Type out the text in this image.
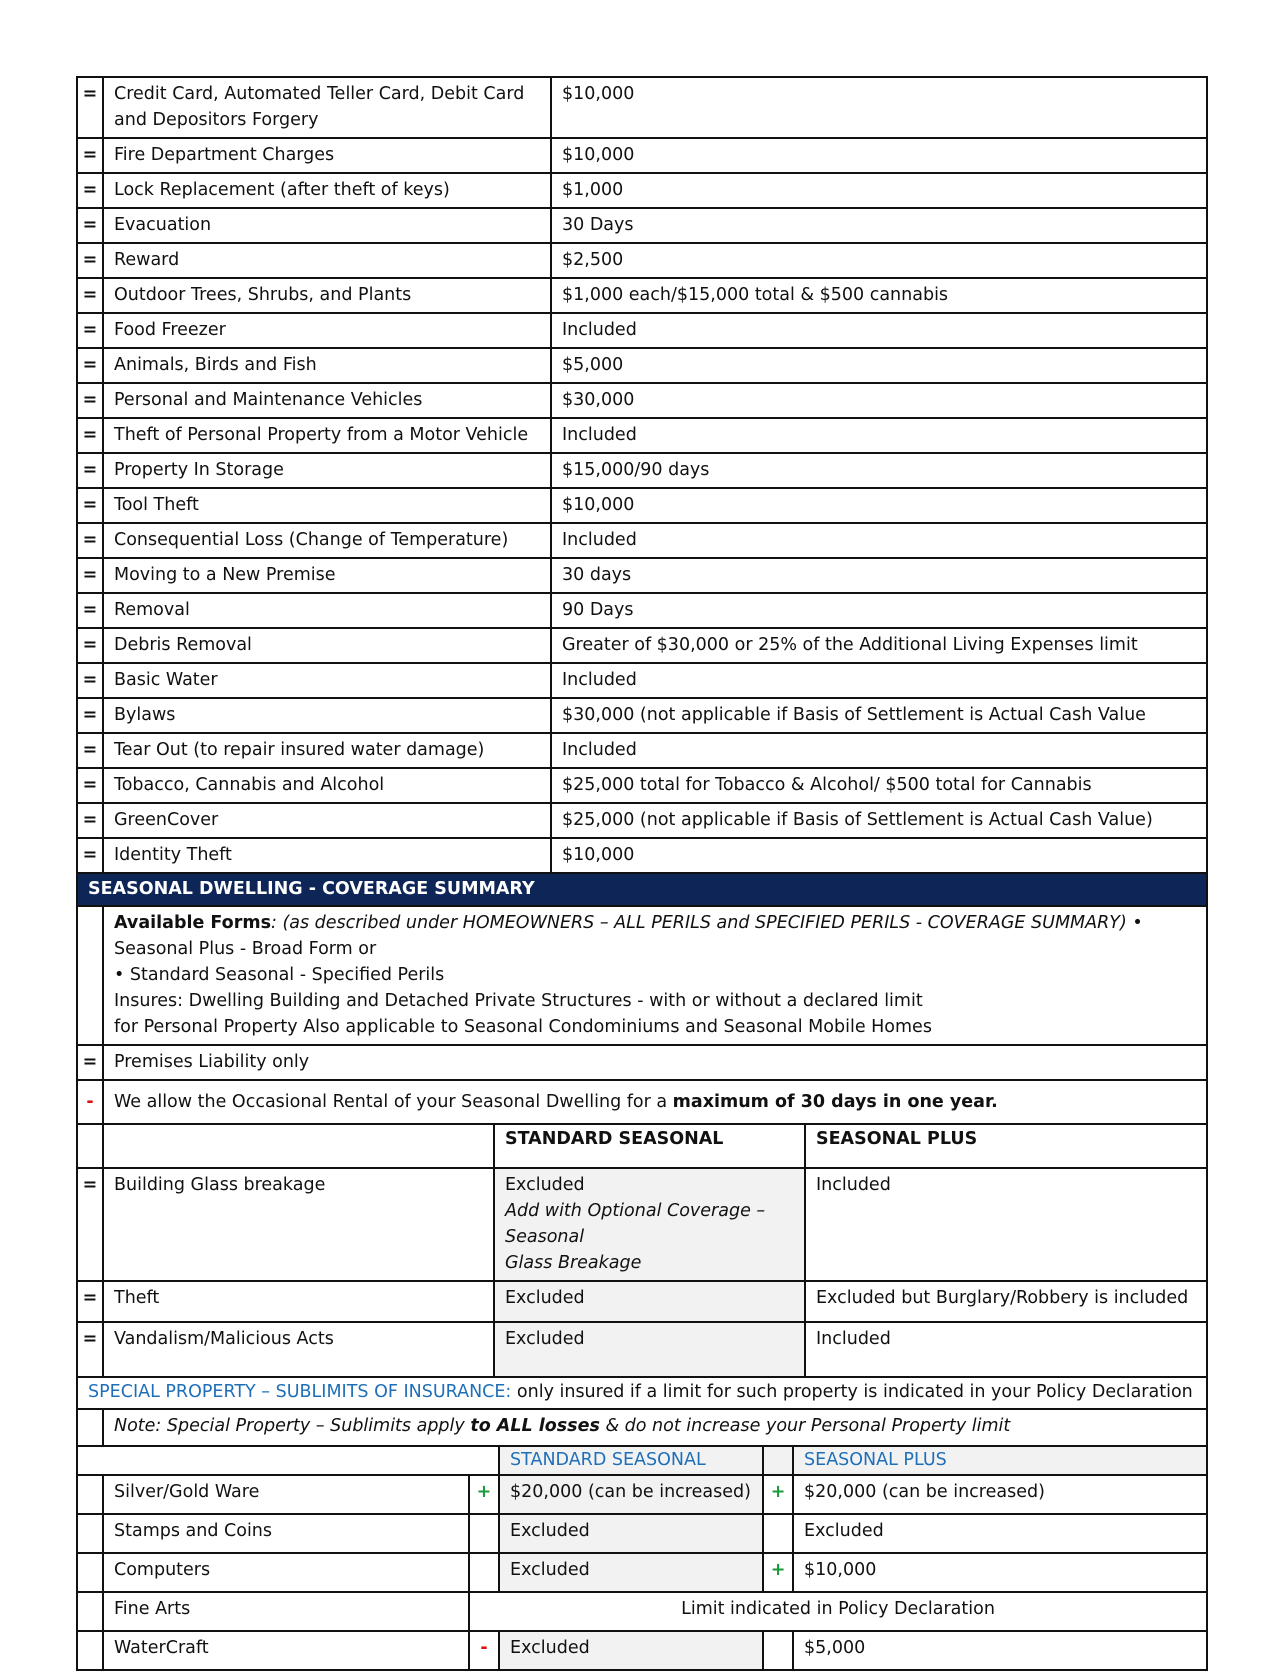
=	Credit Card, Automated Teller Card, Debit Card and Depositors Forgery	$10,000
=	Fire Department Charges	$10,000
=	Lock Replacement (after theft of keys)	$1,000
=	Evacuation	30 Days
=	Reward	$2,500
=	Outdoor Trees, Shrubs, and Plants	$1,000 each/$15,000 total & $500 cannabis
=	Food Freezer	Included
=	Animals, Birds and Fish	$5,000
=	Personal and Maintenance Vehicles	$30,000
=	Theft of Personal Property from a Motor Vehicle	Included
=	Property In Storage	$15,000/90 days
=	Tool Theft	$10,000
=	Consequential Loss (Change of Temperature)	Included
=	Moving to a New Premise	30 days
=	Removal	90 Days
=	Debris Removal	Greater of $30,000 or 25% of the Additional Living Expenses limit
=	Basic Water	Included
=	Bylaws	$30,000 (not applicable if Basis of Settlement is Actual Cash Value
=	Tear Out (to repair insured water damage)	Included
=	Tobacco, Cannabis and Alcohol	$25,000 total for Tobacco & Alcohol/ $500 total for Cannabis
=	GreenCover	$25,000 (not applicable if Basis of Settlement is Actual Cash Value)
=	Identity Theft	$10,000
SEASONAL DWELLING - COVERAGE SUMMARY			
	Available Forms: (as described under HOMEOWNERS – ALL PERILS and SPECIFIED PERILS - COVERAGE SUMMARY) • Seasonal Plus - Broad Form or
• Standard Seasonal - Specified Perils
Insures: Dwelling Building and Detached Private Structures - with or without a declared limit
for Personal Property Also applicable to Seasonal Condominiums and Seasonal Mobile Homes		
=	Premises Liability only		
-	We allow the Occasional Rental of your Seasonal Dwelling for a maximum of 30 days in one year.		
		STANDARD SEASONAL	SEASONAL PLUS
=	Building Glass breakage	Excluded
Add with Optional Coverage –
Seasonal
Glass Breakage	Included
=	Theft	Excluded	Excluded but Burglary/Robbery is included
=	Vandalism/Malicious Acts	Excluded	Included
SPECIAL PROPERTY – SUBLIMITS OF INSURANCE: only insured if a limit for such property is indicated in your Policy Declaration			
	Note: Special Property – Sublimits apply to ALL losses & do not increase your Personal Property limit		
			STANDARD SEASONAL		SEASONAL PLUS
	Silver/Gold Ware	+	$20,000 (can be increased)	+	$20,000 (can be increased)
	Stamps and Coins		Excluded		Excluded
	Computers		Excluded	+	$10,000
	Fine Arts	Limit indicated in Policy Declaration			
	WaterCraft	-	Excluded		$5,000
